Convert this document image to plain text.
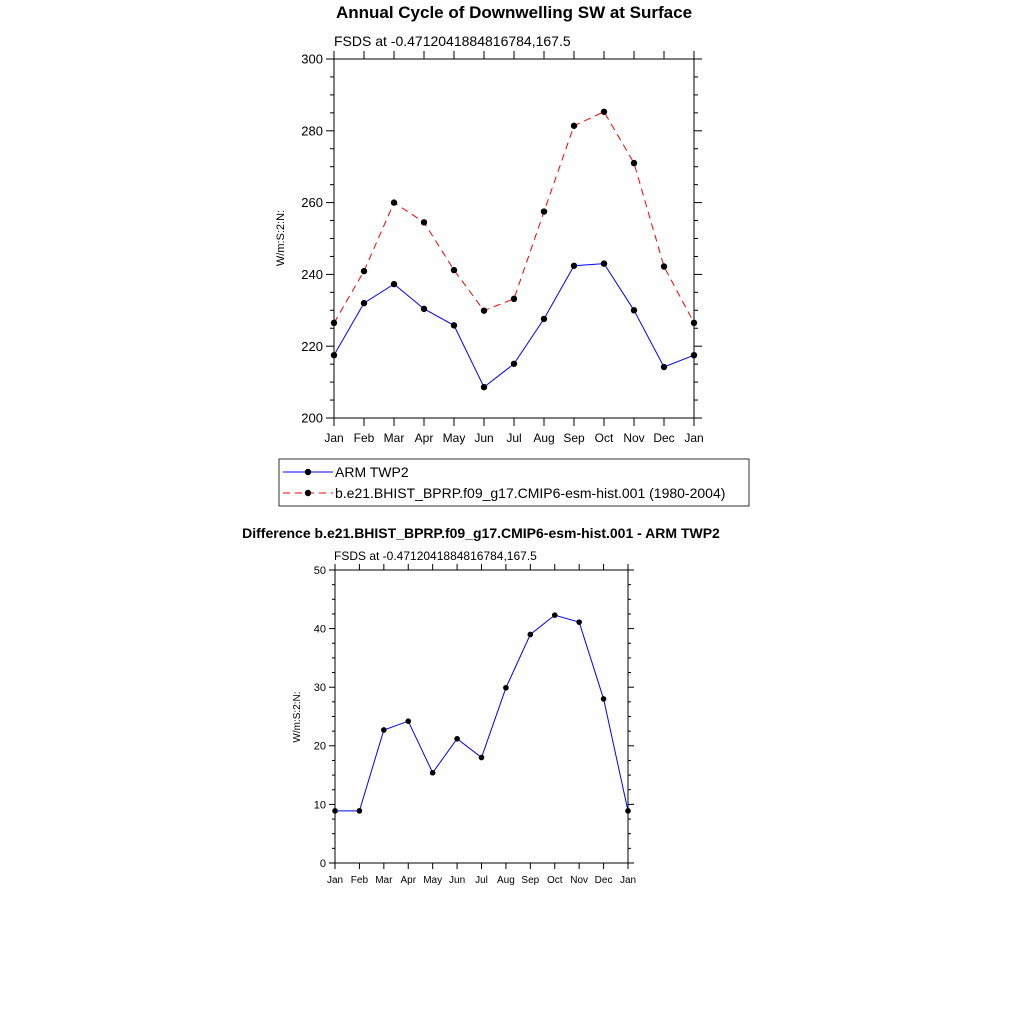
Annual Cycle of Downwelling SW at Surface
FSDS at -0.4712041884816784,167.5
W/m:S:2:N:
200
220
240
260
280
300
Jan Feb Mar Apr May Jun Jul Aug Sep Oct Nov Dec Jan
ARM TWP2
b.e21.BHIST_BPRP.f09_g17.CMIP6-esm-hist.001 (1980-2004)
Difference b.e21.BHIST_BPRP.f09_g17.CMIP6-esm-hist.001 - ARM TWP2
FSDS at -0.4712041884816784,167.5
W/m:S:2:N:
0
10
20
30
40
50
Jan Feb Mar Apr May Jun Jul Aug Sep Oct Nov Dec Jan
